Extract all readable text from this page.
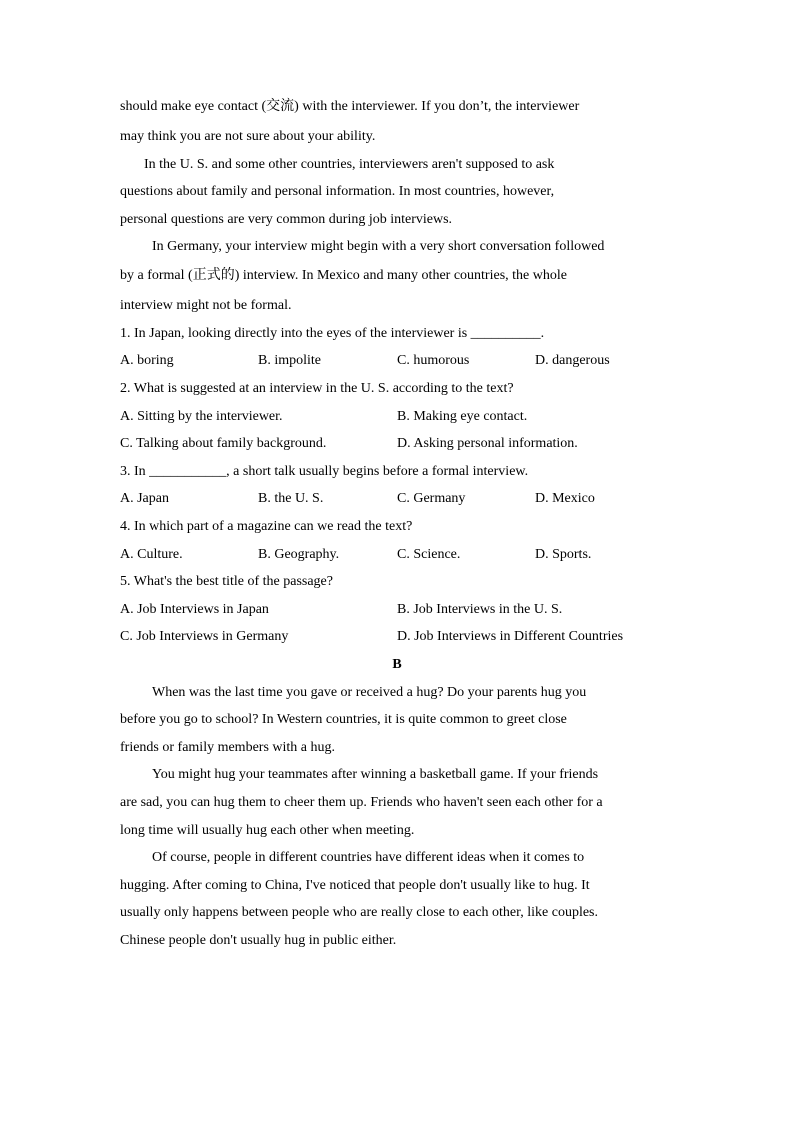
should make eye contact (交流) with the interviewer. If you don’t, the interviewer
may think you are not sure about your ability.
In the U. S. and some other countries, interviewers aren't supposed to ask
questions about family and personal information. In most countries, however,
personal questions are very common during job interviews.
In Germany, your interview might begin with a very short conversation followed
by a formal (正式的) interview. In Mexico and many other countries, the whole
interview might not be formal.
1. In Japan, looking directly into the eyes of the interviewer is __________.
A. boring	B. impolite	C. humorous	D. dangerous
2. What is suggested at an interview in the U. S. according to the text?
A. Sitting by the interviewer.	B. Making eye contact.
C. Talking about family background.	D. Asking personal information.
3. In ___________, a short talk usually begins before a formal interview.
A. Japan	B. the U. S.	C. Germany	D. Mexico
4. In which part of a magazine can we read the text?
A. Culture.	B. Geography.	C. Science.	D. Sports.
5. What's the best title of the passage?
A. Job Interviews in Japan	B. Job Interviews in the U. S.
C. Job Interviews in Germany	D. Job Interviews in Different Countries
B
When was the last time you gave or received a hug? Do your parents hug you
before you go to school? In Western countries, it is quite common to greet close
friends or family members with a hug.
You might hug your teammates after winning a basketball game. If your friends
are sad, you can hug them to cheer them up. Friends who haven't seen each other for a
long time will usually hug each other when meeting.
Of course, people in different countries have different ideas when it comes to
hugging. After coming to China, I've noticed that people don't usually like to hug. It
usually only happens between people who are really close to each other, like couples.
Chinese people don't usually hug in public either.
